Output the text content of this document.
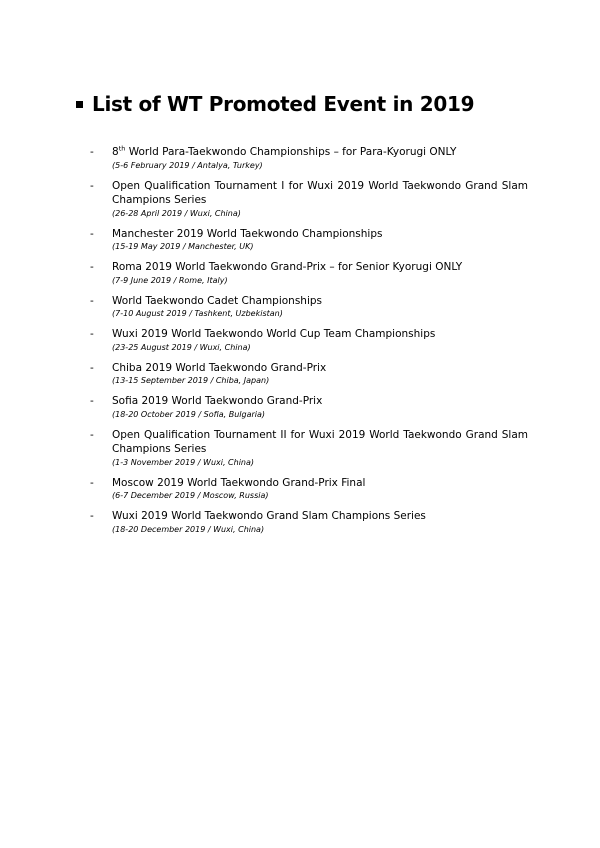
List of WT Promoted Event in 2019
- 8th World Para-Taekwondo Championships – for Para-Kyorugi ONLY
(5-6 February 2019 / Antalya, Turkey)
- Open Qualification Tournament I for Wuxi 2019 World Taekwondo Grand Slam Champions Series
(26-28 April 2019 / Wuxi, China)
- Manchester 2019 World Taekwondo Championships
(15-19 May 2019 / Manchester, UK)
- Roma 2019 World Taekwondo Grand-Prix – for Senior Kyorugi ONLY
(7-9 June 2019 / Rome, Italy)
- World Taekwondo Cadet Championships
(7-10 August 2019 / Tashkent, Uzbekistan)
- Wuxi 2019 World Taekwondo World Cup Team Championships
(23-25 August 2019 / Wuxi, China)
- Chiba 2019 World Taekwondo Grand-Prix
(13-15 September 2019 / Chiba, Japan)
- Sofia 2019 World Taekwondo Grand-Prix
(18-20 October 2019 / Sofia, Bulgaria)
- Open Qualification Tournament II for Wuxi 2019 World Taekwondo Grand Slam Champions Series
(1-3 November 2019 / Wuxi, China)
- Moscow 2019 World Taekwondo Grand-Prix Final
(6-7 December 2019 / Moscow, Russia)
- Wuxi 2019 World Taekwondo Grand Slam Champions Series
(18-20 December 2019 / Wuxi, China)
